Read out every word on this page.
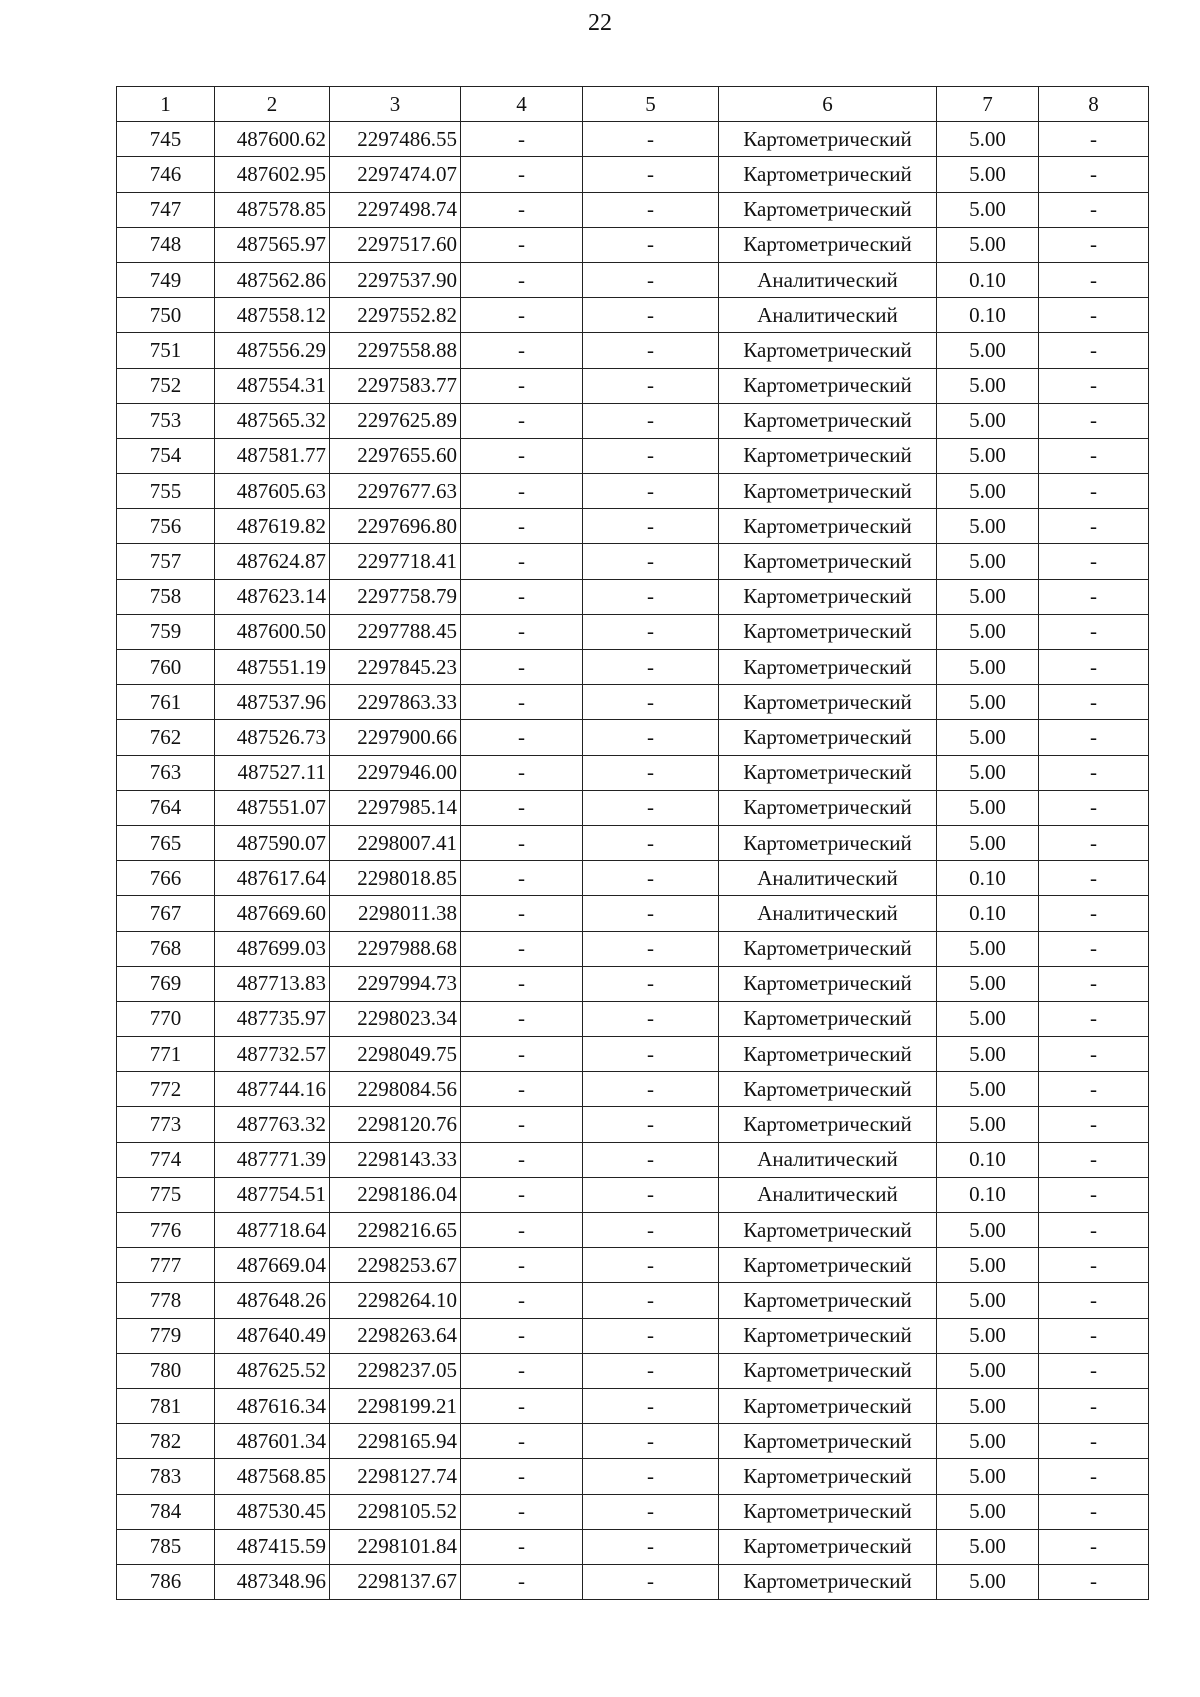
22
1	2	3	4	5	6	7	8
745	487600.62	2297486.55	-	-	Картометрический	5.00	-
746	487602.95	2297474.07	-	-	Картометрический	5.00	-
747	487578.85	2297498.74	-	-	Картометрический	5.00	-
748	487565.97	2297517.60	-	-	Картометрический	5.00	-
749	487562.86	2297537.90	-	-	Аналитический	0.10	-
750	487558.12	2297552.82	-	-	Аналитический	0.10	-
751	487556.29	2297558.88	-	-	Картометрический	5.00	-
752	487554.31	2297583.77	-	-	Картометрический	5.00	-
753	487565.32	2297625.89	-	-	Картометрический	5.00	-
754	487581.77	2297655.60	-	-	Картометрический	5.00	-
755	487605.63	2297677.63	-	-	Картометрический	5.00	-
756	487619.82	2297696.80	-	-	Картометрический	5.00	-
757	487624.87	2297718.41	-	-	Картометрический	5.00	-
758	487623.14	2297758.79	-	-	Картометрический	5.00	-
759	487600.50	2297788.45	-	-	Картометрический	5.00	-
760	487551.19	2297845.23	-	-	Картометрический	5.00	-
761	487537.96	2297863.33	-	-	Картометрический	5.00	-
762	487526.73	2297900.66	-	-	Картометрический	5.00	-
763	487527.11	2297946.00	-	-	Картометрический	5.00	-
764	487551.07	2297985.14	-	-	Картометрический	5.00	-
765	487590.07	2298007.41	-	-	Картометрический	5.00	-
766	487617.64	2298018.85	-	-	Аналитический	0.10	-
767	487669.60	2298011.38	-	-	Аналитический	0.10	-
768	487699.03	2297988.68	-	-	Картометрический	5.00	-
769	487713.83	2297994.73	-	-	Картометрический	5.00	-
770	487735.97	2298023.34	-	-	Картометрический	5.00	-
771	487732.57	2298049.75	-	-	Картометрический	5.00	-
772	487744.16	2298084.56	-	-	Картометрический	5.00	-
773	487763.32	2298120.76	-	-	Картометрический	5.00	-
774	487771.39	2298143.33	-	-	Аналитический	0.10	-
775	487754.51	2298186.04	-	-	Аналитический	0.10	-
776	487718.64	2298216.65	-	-	Картометрический	5.00	-
777	487669.04	2298253.67	-	-	Картометрический	5.00	-
778	487648.26	2298264.10	-	-	Картометрический	5.00	-
779	487640.49	2298263.64	-	-	Картометрический	5.00	-
780	487625.52	2298237.05	-	-	Картометрический	5.00	-
781	487616.34	2298199.21	-	-	Картометрический	5.00	-
782	487601.34	2298165.94	-	-	Картометрический	5.00	-
783	487568.85	2298127.74	-	-	Картометрический	5.00	-
784	487530.45	2298105.52	-	-	Картометрический	5.00	-
785	487415.59	2298101.84	-	-	Картометрический	5.00	-
786	487348.96	2298137.67	-	-	Картометрический	5.00	-
